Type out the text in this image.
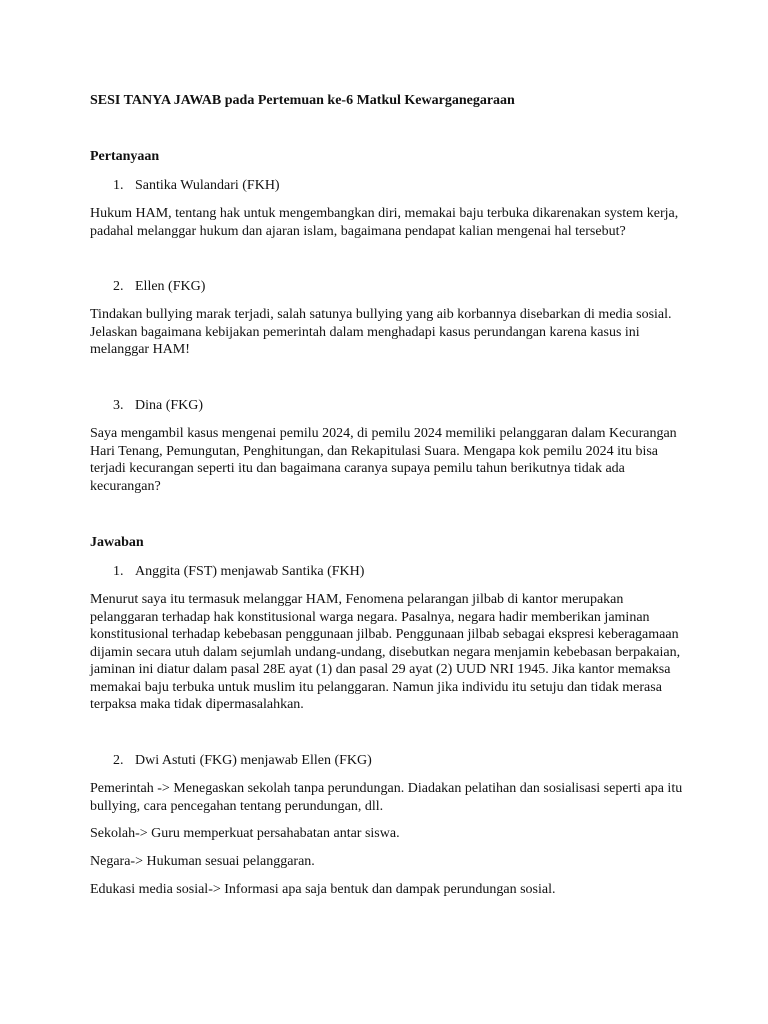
SESI TANYA JAWAB pada Pertemuan ke-6 Matkul Kewarganegaraan

Pertanyaan

1. Santika Wulandari (FKH)
Hukum HAM, tentang hak untuk mengembangkan diri, memakai baju terbuka dikarenakan system kerja,
padahal melanggar hukum dan ajaran islam, bagaimana pendapat kalian mengenai hal tersebut?
2. Ellen (FKG)
Tindakan bullying marak terjadi, salah satunya bullying yang aib korbannya disebarkan di media sosial.
Jelaskan bagaimana kebijakan pemerintah dalam menghadapi kasus perundangan karena kasus ini
melanggar HAM!
3. Dina (FKG)
Saya mengambil kasus mengenai pemilu 2024, di pemilu 2024 memiliki pelanggaran dalam Kecurangan
Hari Tenang, Pemungutan, Penghitungan, dan Rekapitulasi Suara. Mengapa kok pemilu 2024 itu bisa
terjadi kecurangan seperti itu dan bagaimana caranya supaya pemilu tahun berikutnya tidak ada
kecurangan?

Jawaban

1. Anggita (FST) menjawab Santika (FKH)
Menurut saya itu termasuk melanggar HAM, Fenomena pelarangan jilbab di kantor merupakan
pelanggaran terhadap hak konstitusional warga negara. Pasalnya, negara hadir memberikan jaminan
konstitusional terhadap kebebasan penggunaan jilbab. Penggunaan jilbab sebagai ekspresi keberagamaan
dijamin secara utuh dalam sejumlah undang-undang, disebutkan negara menjamin kebebasan berpakaian,
jaminan ini diatur dalam pasal 28E ayat (1) dan pasal 29 ayat (2) UUD NRI 1945. Jika kantor memaksa
memakai baju terbuka untuk muslim itu pelanggaran. Namun jika individu itu setuju dan tidak merasa
terpaksa maka tidak dipermasalahkan.
2. Dwi Astuti (FKG) menjawab Ellen (FKG)
Pemerintah -> Menegaskan sekolah tanpa perundungan. Diadakan pelatihan dan sosialisasi seperti apa itu
bullying, cara pencegahan tentang perundungan, dll.
Sekolah-> Guru memperkuat persahabatan antar siswa.
Negara-> Hukuman sesuai pelanggaran.
Edukasi media sosial-> Informasi apa saja bentuk dan dampak perundungan sosial.
